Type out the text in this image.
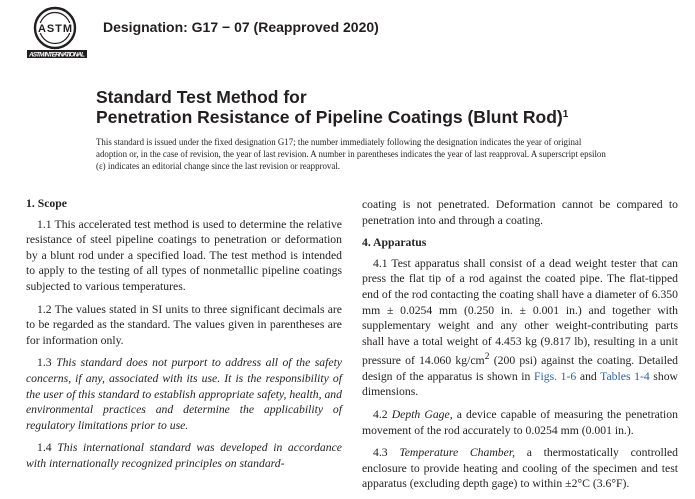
ASTM
ASTM INTERNATIONAL
Designation: G17 − 07 (Reapproved 2020)
Standard Test Method for
Penetration Resistance of Pipeline Coatings (Blunt Rod)$^1$

This standard is issued under the fixed designation G17; the number immediately following the designation indicates the year of original adoption or, in the case of revision, the year of last revision. A number in parentheses indicates the year of last reapproval. A superscript epsilon (ε) indicates an editorial change since the last revision or reapproval.

1. Scope

1.1 This accelerated test method is used to determine the relative resistance of steel pipeline coatings to penetration or deformation by a blunt rod under a specified load. The test method is intended to apply to the testing of all types of nonmetallic pipeline coatings subjected to various temperatures.

1.2 The values stated in SI units to three significant decimals are to be regarded as the standard. The values given in parentheses are for information only.

1.3 This standard does not purport to address all of the safety concerns, if any, associated with its use. It is the responsibility of the user of this standard to establish appropriate safety, health, and environmental practices and determine the applicability of regulatory limitations prior to use.

1.4 This international standard was developed in accordance with internationally recognized principles on standard-

coating is not penetrated. Deformation cannot be compared to penetration into and through a coating.

4. Apparatus

4.1 Test apparatus shall consist of a dead weight tester that can press the flat tip of a rod against the coated pipe. The flat-tipped end of the rod contacting the coating shall have a diameter of 6.350 mm ± 0.0254 mm (0.250 in. ± 0.001 in.) and together with supplementary weight and any other weight-contributing parts shall have a total weight of 4.453 kg (9.817 lb), resulting in a unit pressure of 14.060 $kg/cm^2$ (200 psi) against the coating. Detailed design of the apparatus is shown in Figs. 1-6 and Tables 1-4 show dimensions.

4.2 Depth Gage, a device capable of measuring the penetration movement of the rod accurately to 0.0254 mm (0.001 in.).

4.3 Temperature Chamber, a thermostatically controlled enclosure to provide heating and cooling of the specimen and test apparatus (excluding depth gage) to within ±2°C (3.6°F).
